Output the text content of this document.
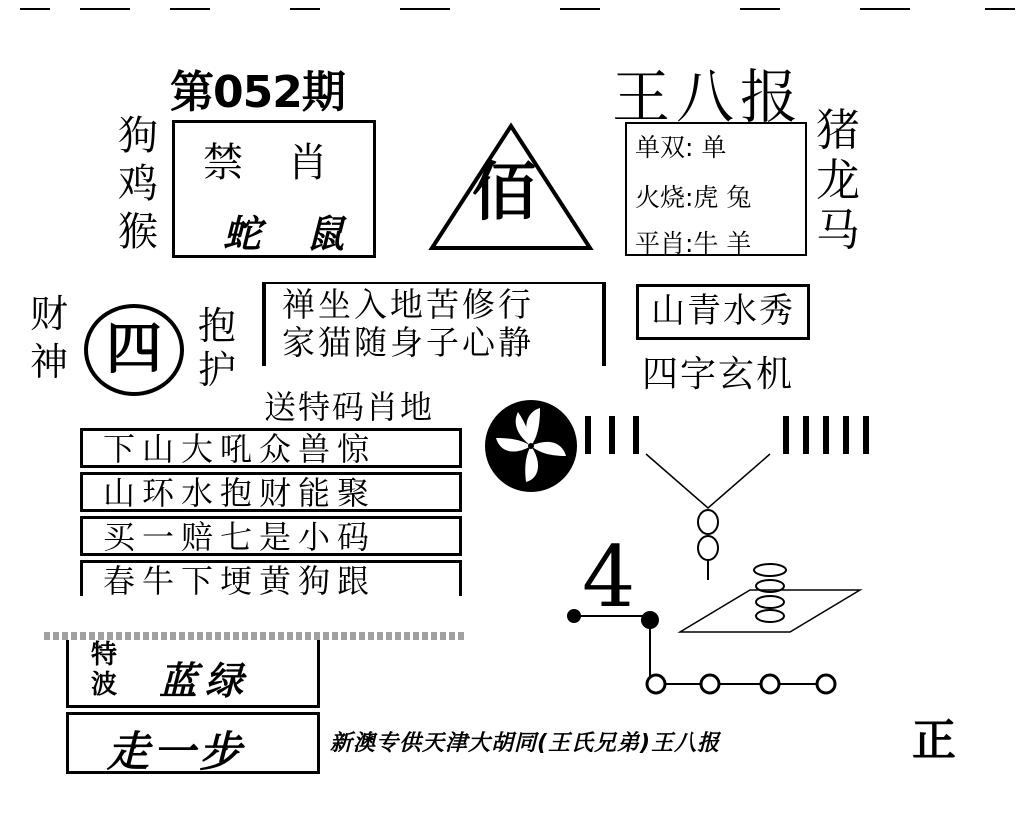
第052期
狗
鸡
猴
禁 肖
蛇 鼠
佰
王八报
单双: 单
火烧:虎 兔
平肖:牛 羊
猪
龙
马
财
神 四 抱
护
禅坐入地苦修行
家猫随身子心静
山青水秀
四字玄机
送特码肖地
下山大吼众兽惊
山环水抱财能聚
买一赔七是小码
春牛下埂黄狗跟
特
波 蓝绿
走一步
4
新澳专供天津大胡同(王氏兄弟)王八报	正
